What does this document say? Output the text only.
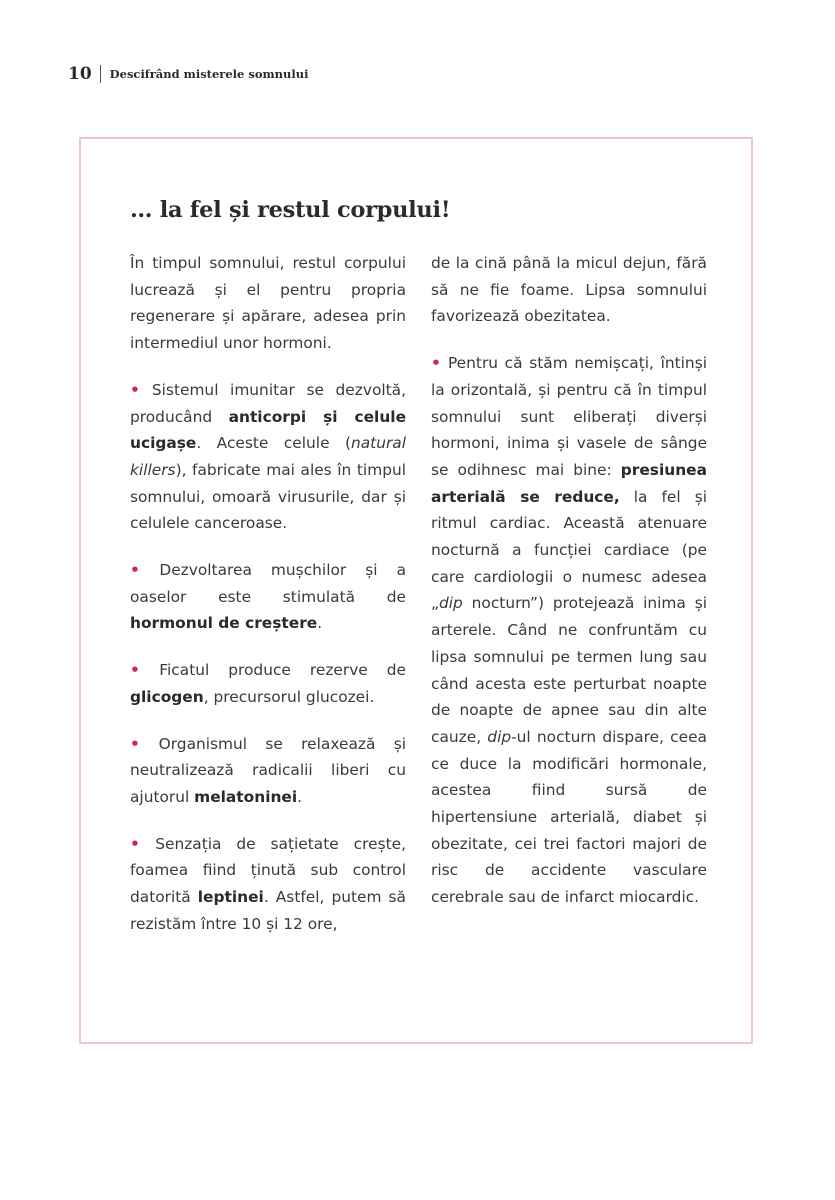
10 Descifrând misterele somnului
… la fel și restul corpului!

În timpul somnului, restul corpului lucrează și el pentru propria regenerare și apărare, adesea prin intermediul unor hormoni.

• Sistemul imunitar se dezvoltă, producând anticorpi și celule ucigașe. Aceste celule (natural killers), fabricate mai ales în timpul somnului, omoară virusurile, dar și celulele canceroase.

• Dezvoltarea mușchilor și a oaselor este stimulată de hormonul de creștere.

• Ficatul produce rezerve de glicogen, precursorul glucozei.

• Organismul se relaxează și neutralizează radicalii liberi cu ajutorul melatoninei.

• Senzația de sațietate crește, foamea fiind ținută sub control datorită leptinei. Astfel, putem să rezistăm între 10 și 12 ore,

de la cină până la micul dejun, fără să ne fie foame. Lipsa somnului favorizează obezitatea.

• Pentru că stăm nemișcați, întinși la orizontală, și pentru că în timpul somnului sunt eliberați diverși hormoni, inima și vasele de sânge se odihnesc mai bine: presiunea arterială se reduce, la fel și ritmul cardiac. Această atenuare nocturnă a funcției cardiace (pe care cardiologii o numesc adesea „dip nocturn”) protejează inima și arterele. Când ne confruntăm cu lipsa somnului pe termen lung sau când acesta este perturbat noapte de noapte de apnee sau din alte cauze, dip-ul nocturn dispare, ceea ce duce la modificări hormonale, acestea fiind sursă de hipertensiune arterială, diabet și obezitate, cei trei factori majori de risc de accidente vasculare cerebrale sau de infarct miocardic.
